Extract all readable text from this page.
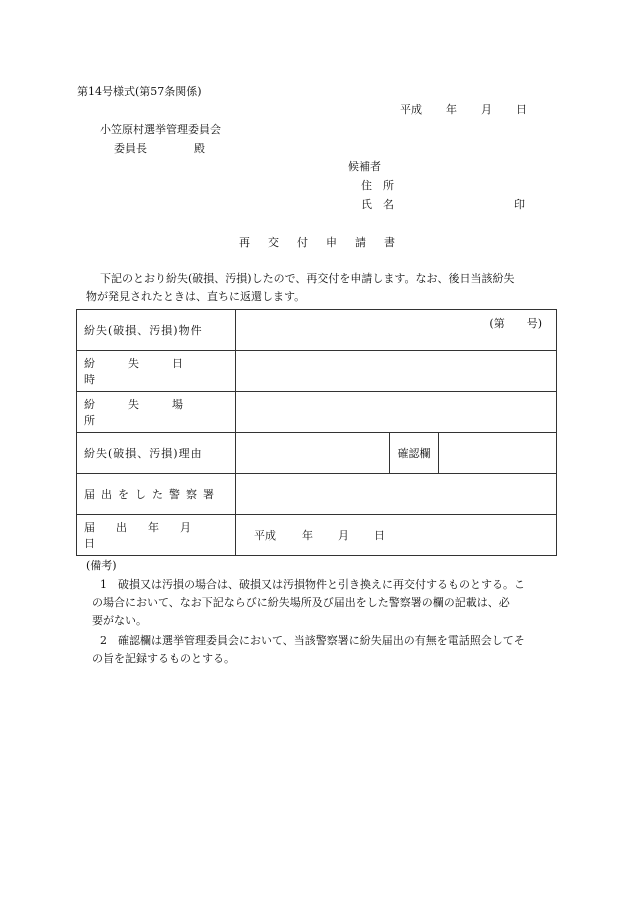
第14号様式(第57条関係)
平成 年 月 日
小笠原村選挙管理委員会
委員長	殿
候補者
住　所
氏　名	印
再交付申請書
下記のとおり紛失(破損、汚損)したので、再交付を申請します。なお、後日当該紛失
物が発見されたときは、直ちに返還します。
紛失(破損、汚損)物件	(第　　号)		

紛失日時			

紛失場所			

紛失(破損、汚損)理由		確認欄	

届出をした警察署			

届出年月日	平成 年 月 日		
(備考)
1　破損又は汚損の場合は、破損又は汚損物件と引き換えに再交付するものとする。こ
の場合において、なお下記ならびに紛失場所及び届出をした警察署の欄の記載は、必
要がない。
2　確認欄は選挙管理委員会において、当該警察署に紛失届出の有無を電話照会してそ
の旨を記録するものとする。
